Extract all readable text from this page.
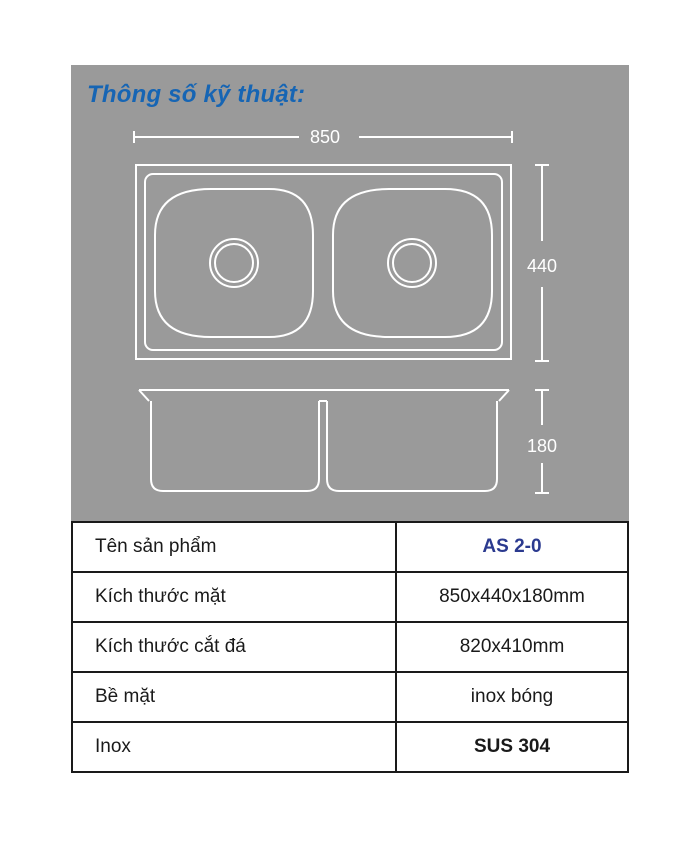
Thông số kỹ thuật:
850
440
180
Tên sản phẩm	AS 2-0
Kích thước mặt	850x440x180mm
Kích thước cắt đá	820x410mm
Bề mặt	inox bóng
Inox	SUS 304
